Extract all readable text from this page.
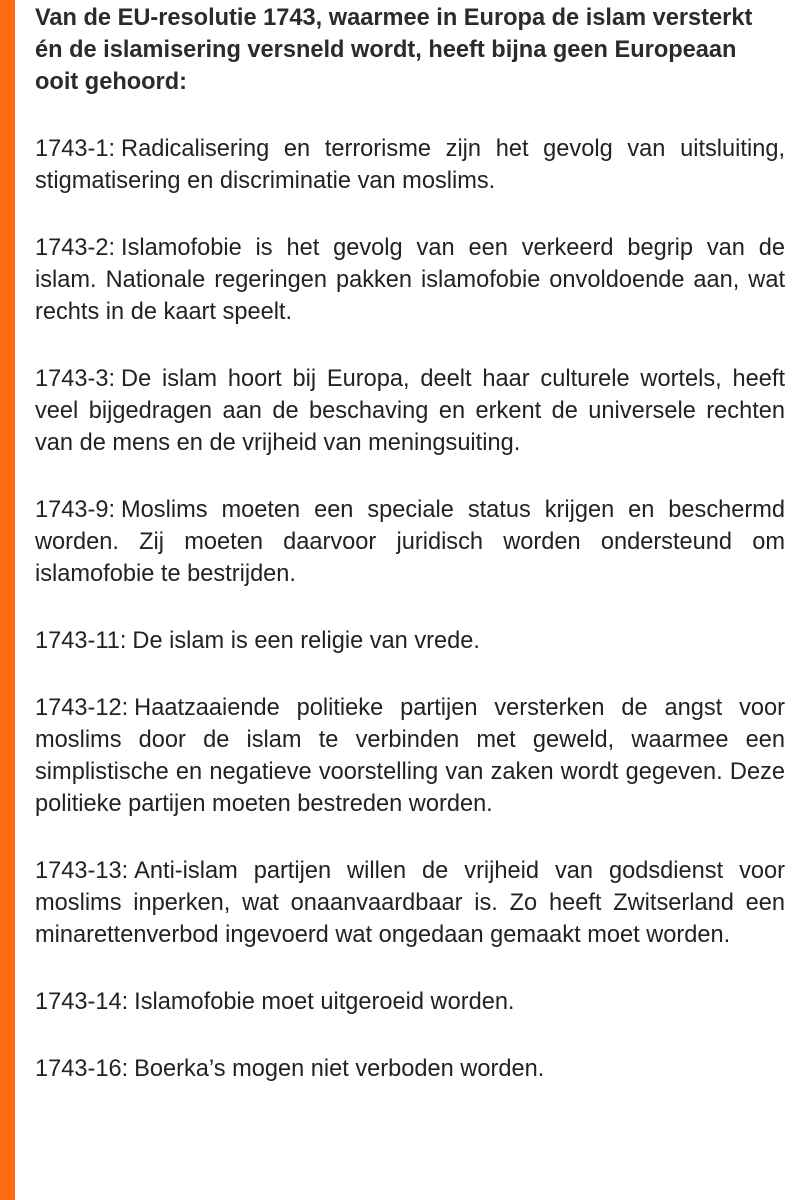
Van de EU-resolutie 1743, waarmee in Europa de islam versterkt én de islamisering versneld wordt, heeft bijna geen Europeaan ooit gehoord:

1743-1: Radicalisering en terrorisme zijn het gevolg van uitsluiting, stigmatisering en discriminatie van moslims.

1743-2: Islamofobie is het gevolg van een verkeerd begrip van de islam. Nationale regeringen pakken islamofobie onvoldoende aan, wat rechts in de kaart speelt.

1743-3: De islam hoort bij Europa, deelt haar culturele wortels, heeft veel bijgedragen aan de beschaving en erkent de universele rechten van de mens en de vrijheid van meningsuiting.

1743-9: Moslims moeten een speciale status krijgen en beschermd worden. Zij moeten daarvoor juridisch worden ondersteund om islamofobie te bestrijden.

1743-11: De islam is een religie van vrede.

1743-12: Haatzaaiende politieke partijen versterken de angst voor moslims door de islam te verbinden met geweld, waarmee een simplistische en negatieve voorstelling van zaken wordt gegeven. Deze politieke partijen moeten bestreden worden.

1743-13: Anti-islam partijen willen de vrijheid van godsdienst voor moslims inperken, wat onaanvaardbaar is. Zo heeft Zwitserland een minarettenverbod ingevoerd wat ongedaan gemaakt moet worden.

1743-14: Islamofobie moet uitgeroeid worden.

1743-16: Boerka’s mogen niet verboden worden.
